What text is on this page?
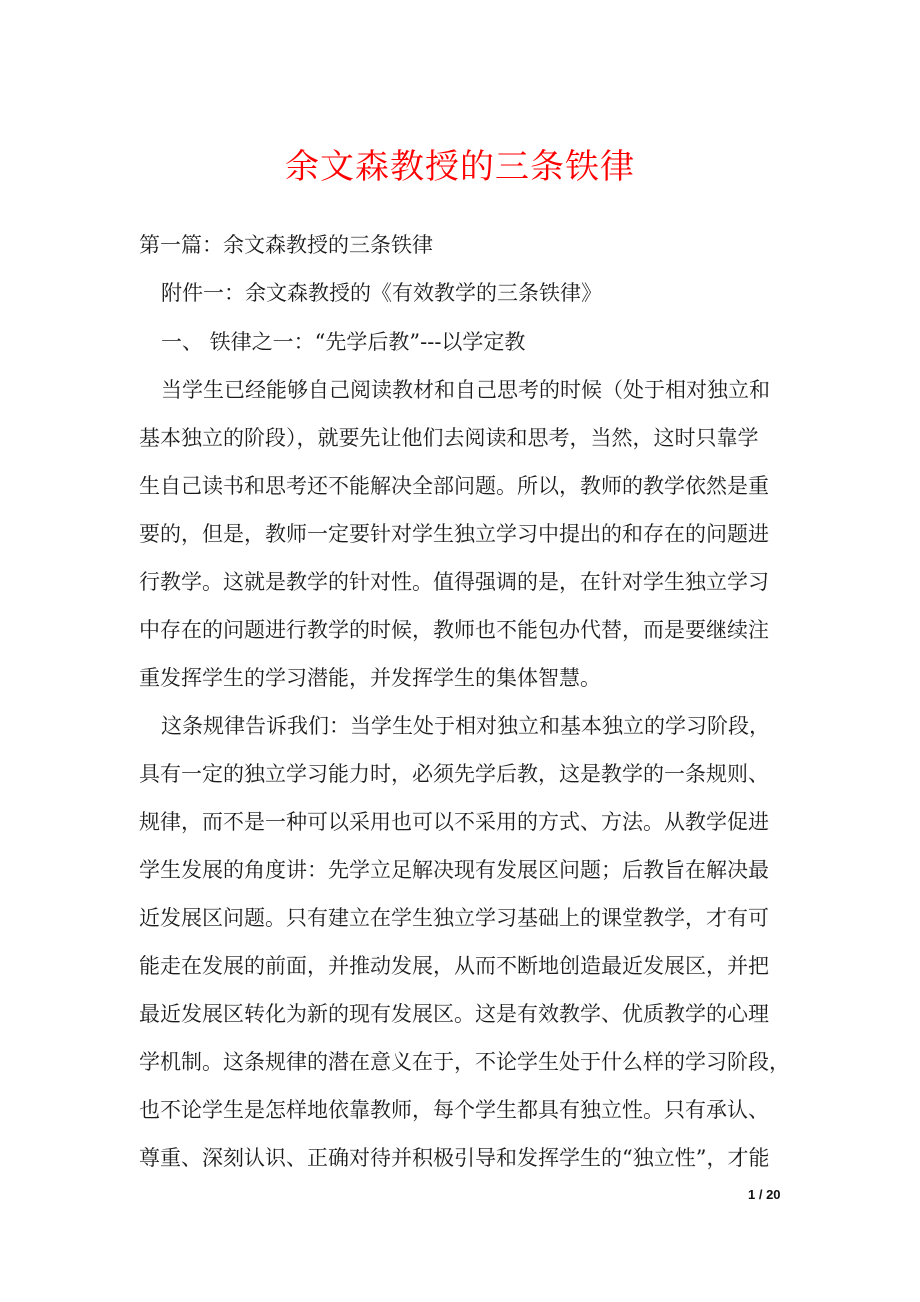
余文森教授的三条铁律

第一篇：余文森教授的三条铁律

附件一：余文森教授的《有效教学的三条铁律》

一、 铁律之一：“先学后教”---以学定教

当学生已经能够自己阅读教材和自己思考的时候（处于相对独立和

基本独立的阶段），就要先让他们去阅读和思考，当然，这时只靠学

生自己读书和思考还不能解决全部问题。所以，教师的教学依然是重

要的，但是，教师一定要针对学生独立学习中提出的和存在的问题进

行教学。这就是教学的针对性。值得强调的是，在针对学生独立学习

中存在的问题进行教学的时候，教师也不能包办代替，而是要继续注

重发挥学生的学习潜能，并发挥学生的集体智慧。

这条规律告诉我们：当学生处于相对独立和基本独立的学习阶段，

具有一定的独立学习能力时，必须先学后教，这是教学的一条规则、

规律，而不是一种可以采用也可以不采用的方式、方法。从教学促进

学生发展的角度讲：先学立足解决现有发展区问题；后教旨在解决最

近发展区问题。只有建立在学生独立学习基础上的课堂教学，才有可

能走在发展的前面，并推动发展，从而不断地创造最近发展区，并把

最近发展区转化为新的现有发展区。这是有效教学、优质教学的心理

学机制。这条规律的潜在意义在于，不论学生处于什么样的学习阶段，

也不论学生是怎样地依靠教师，每个学生都具有独立性。只有承认、

尊重、深刻认识、正确对待并积极引导和发挥学生的“独立性”，才能

1 / 20
